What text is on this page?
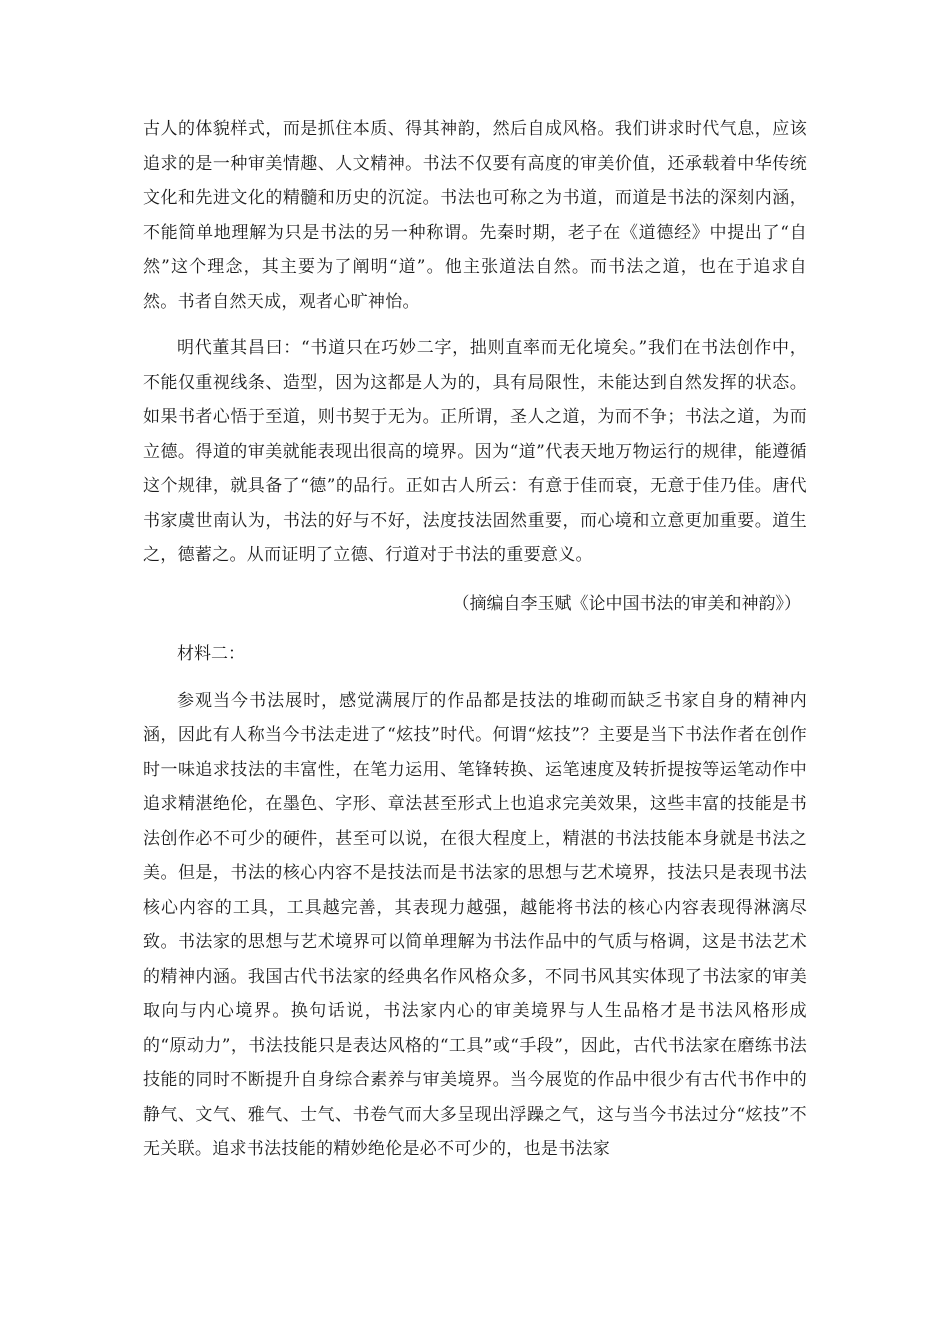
古人的体貌样式，而是抓住本质、得其神韵，然后自成风格。我们讲求时代气息，应该追求的是一种审美情趣、人文精神。书法不仅要有高度的审美价值，还承载着中华传统文化和先进文化的精髓和历史的沉淀。书法也可称之为书道，而道是书法的深刻内涵，不能简单地理解为只是书法的另一种称谓。先秦时期，老子在《道德经》中提出了“自然”这个理念，其主要为了阐明“道”。他主张道法自然。而书法之道，也在于追求自然。书者自然天成，观者心旷神怡。

明代董其昌曰：“书道只在巧妙二字，拙则直率而无化境矣。”我们在书法创作中，不能仅重视线条、造型，因为这都是人为的，具有局限性，未能达到自然发挥的状态。如果书者心悟于至道，则书契于无为。正所谓，圣人之道，为而不争；书法之道，为而立德。得道的审美就能表现出很高的境界。因为“道”代表天地万物运行的规律，能遵循这个规律，就具备了“德”的品行。正如古人所云：有意于佳而衰，无意于佳乃佳。唐代书家虞世南认为，书法的好与不好，法度技法固然重要，而心境和立意更加重要。道生之，德蓄之。从而证明了立德、行道对于书法的重要意义。

（摘编自李玉赋《论中国书法的审美和神韵》）

材料二：

参观当今书法展时，感觉满展厅的作品都是技法的堆砌而缺乏书家自身的精神内涵，因此有人称当今书法走进了“炫技”时代。何谓“炫技”？主要是当下书法作者在创作时一味追求技法的丰富性，在笔力运用、笔锋转换、运笔速度及转折提按等运笔动作中追求精湛绝伦，在墨色、字形、章法甚至形式上也追求完美效果，这些丰富的技能是书法创作必不可少的硬件，甚至可以说，在很大程度上，精湛的书法技能本身就是书法之美。但是，书法的核心内容不是技法而是书法家的思想与艺术境界，技法只是表现书法核心内容的工具，工具越完善，其表现力越强，越能将书法的核心内容表现得淋漓尽致。书法家的思想与艺术境界可以简单理解为书法作品中的气质与格调，这是书法艺术的精神内涵。我国古代书法家的经典名作风格众多，不同书风其实体现了书法家的审美取向与内心境界。换句话说，书法家内心的审美境界与人生品格才是书法风格形成的“原动力”，书法技能只是表达风格的“工具”或“手段”，因此，古代书法家在磨练书法技能的同时不断提升自身综合素养与审美境界。当今展览的作品中很少有古代书作中的静气、文气、雅气、士气、书卷气而大多呈现出浮躁之气，这与当今书法过分“炫技”不无关联。追求书法技能的精妙绝伦是必不可少的，也是书法家
